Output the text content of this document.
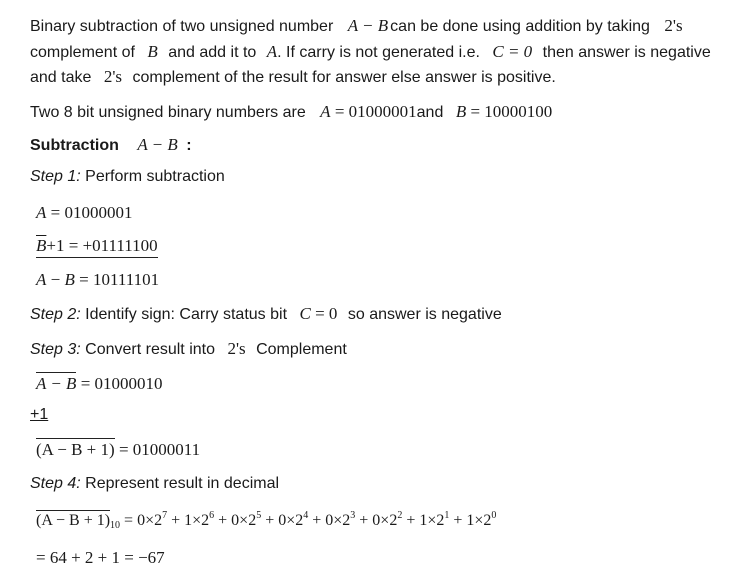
Binary subtraction of two unsigned number A − B can be done using addition by taking 2's
complement of B and add it to A. If carry is not generated i.e. C = 0 then answer is negative
and take 2's complement of the result for answer else answer is positive.
Two 8 bit unsigned binary numbers are A = 01000001and B = 10000100
Subtraction A − B :
Step 1: Perform subtraction
A = 01000001
$\overline{B}+1 = +01111100$
A − B = 10111101
Step 2: Identify sign: Carry status bit C = 0 so answer is negative
Step 3: Convert result into 2's Complement
A − B = 01000010
+1
(A − B + 1) = 01000011
Step 4: Represent result in decimal
$(A - B + 1)_{10} = 0\times 2^7 + 1\times 2^6 + 0\times 2^5 + 0\times 2^4 + 0\times 2^3 + 0\times 2^2 + 1\times 2^1 + 1\times 2^0$
= 64 + 2 + 1 = −67
